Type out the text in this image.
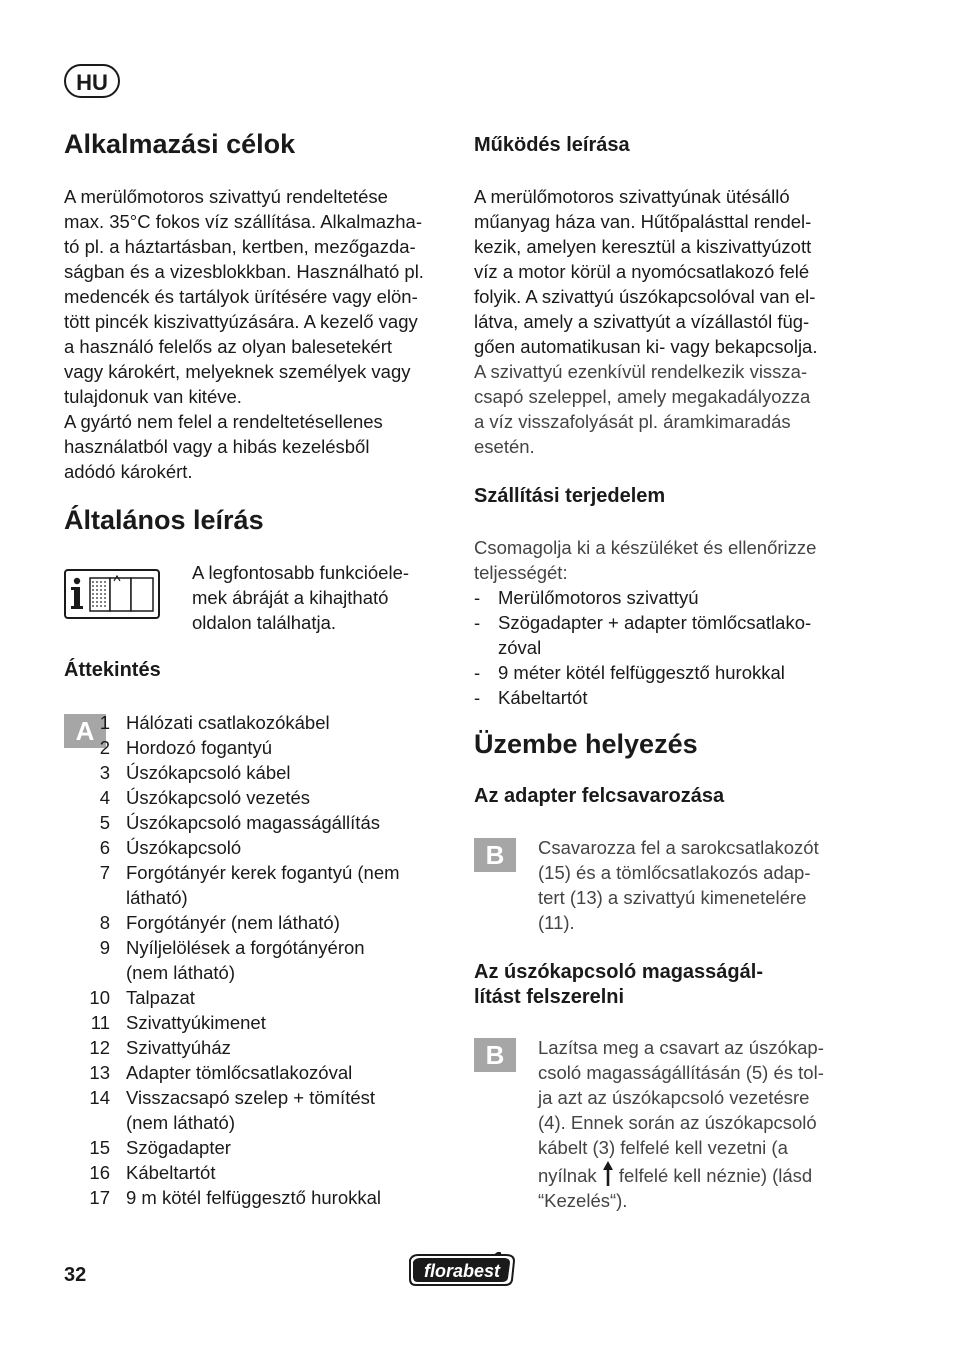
HU
Alkalmazási célok

A merülőmotoros szivattyú rendeltetése

max. 35°C fokos víz szállítása. Alkalmazha-

tó pl. a háztartásban, kertben, mezőgazda-

ságban és a vizesblokkban. Használható pl.

medencék és tartályok ürítésére vagy elön-

tött pincék kiszivattyúzására. A kezelő vagy

a használó felelős az olyan balesetekért

vagy károkért, melyeknek személyek vagy

tulajdonuk van kitéve.

A gyártó nem felel a rendeltetésellenes

használatból vagy a hibás kezelésből

adódó károkért.

Általános leírás

A legfontosabb funkcióele-

mek ábráját a kihajtható

oldalon találhatja.

Áttekintés
A 1 Hálózati csatlakozókábel
2 Hordozó fogantyú
3 Úszókapcsoló kábel
4 Úszókapcsoló vezetés
5 Úszókapcsoló magasságállítás
6 Úszókapcsoló
7 Forgótányér kerek fogantyú (nem
látható)
8 Forgótányér (nem látható)
9 Nyíljelölések a forgótányéron
(nem látható)
10 Talpazat
11 Szivattyúkimenet
12 Szivattyúház
13 Adapter tömlőcsatlakozóval
14 Visszacsapó szelep + tömítést
(nem látható)
15 Szögadapter
16 Kábeltartót
17 9 m kötél felfüggesztő hurokkal
Működés leírása

A merülőmotoros szivattyúnak ütésálló

műanyag háza van. Hűtőpalásttal rendel-

kezik, amelyen keresztül a kiszivattyúzott

víz a motor körül a nyomócsatlakozó felé

folyik. A szivattyú úszókapcsolóval van el-

látva, amely a szivattyút a vízállastól füg-

gően automatikusan ki- vagy bekapcsolja.

A szivattyú ezenkívül rendelkezik vissza-

csapó szeleppel, amely megakadályozza

a víz visszafolyását pl. áramkimaradás

esetén.

Szállítási terjedelem

Csomagolja ki a készüléket és ellenőrizze

teljességét:

- Merülőmotoros szivattyú
- Szögadapter + adapter tömlőcsatlako-
zóval
- 9 méter kötél felfüggesztő hurokkal
- Kábeltartót
Üzembe helyezés
Az adapter felcsavarozása
B	Csavarozza fel a sarokcsatlakozót

(15) és a tömlőcsatlakozós adap-

tert (13) a szivattyú kimenetelére

(11).

Az úszókapcsoló magasságál-

lítást felszerelni

B	Lazítsa meg a csavart az úszókap-

csoló magasságállításán (5) és tol-

ja azt az úszókapcsoló vezetésre

(4). Ennek során az úszókapcsoló

kábelt (3) felfelé kell vezetni (a

nyílnak felfelé kell néznie) (lásd

“Kezelés“).

32	florabest
